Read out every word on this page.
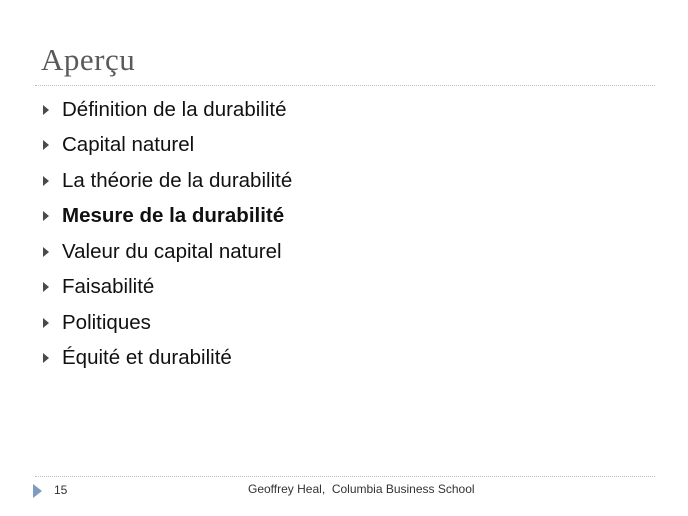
Aperçu
Définition de la durabilité
Capital naturel
La théorie de la durabilité
Mesure de la durabilité
Valeur du capital naturel
Faisabilité
Politiques
Équité et durabilité
15	Geoffrey Heal,  Columbia Business School
